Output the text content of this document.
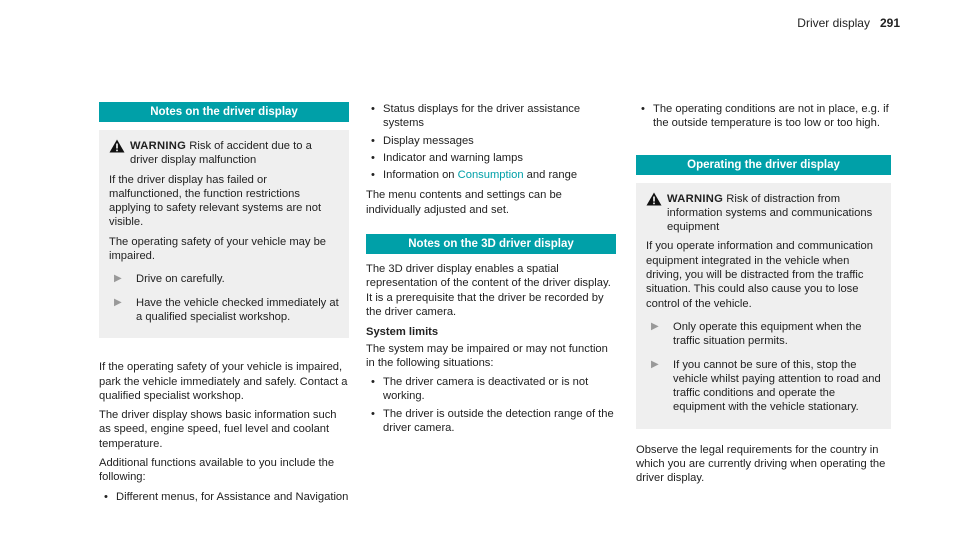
Driver display 291
Notes on the driver display
WARNING Risk of accident due to a driver display malfunction

If the driver display has failed or malfunctioned, the function restrictions applying to safety relevant systems are not visible.

The operating safety of your vehicle may be impaired.

▶ Drive on carefully.
▶ Have the vehicle checked immediately at a qualified specialist workshop.

If the operating safety of your vehicle is impaired, park the vehicle immediately and safely. Contact a qualified specialist workshop.

The driver display shows basic information such as speed, engine speed, fuel level and coolant temperature.

Additional functions available to you include the following:

• Different menus, for Assistance and Navigation
• Status displays for the driver assistance systems
• Display messages
• Indicator and warning lamps
• Information on Consumption and range

The menu contents and settings can be individually adjusted and set.

Notes on the 3D driver display

The 3D driver display enables a spatial representation of the content of the driver display. It is a prerequisite that the driver be recorded by the driver camera.

System limits

The system may be impaired or may not function in the following situations:

• The driver camera is deactivated or is not working.
• The driver is outside the detection range of the driver camera.
• The operating conditions are not in place, e.g. if the outside temperature is too low or too high.
Operating the driver display
WARNING Risk of distraction from information systems and communications equipment

If you operate information and communication equipment integrated in the vehicle when driving, you will be distracted from the traffic situation. This could also cause you to lose control of the vehicle.

▶ Only operate this equipment when the traffic situation permits.
▶ If you cannot be sure of this, stop the vehicle whilst paying attention to road and traffic conditions and operate the equipment with the vehicle stationary.

Observe the legal requirements for the country in which you are currently driving when operating the driver display.
